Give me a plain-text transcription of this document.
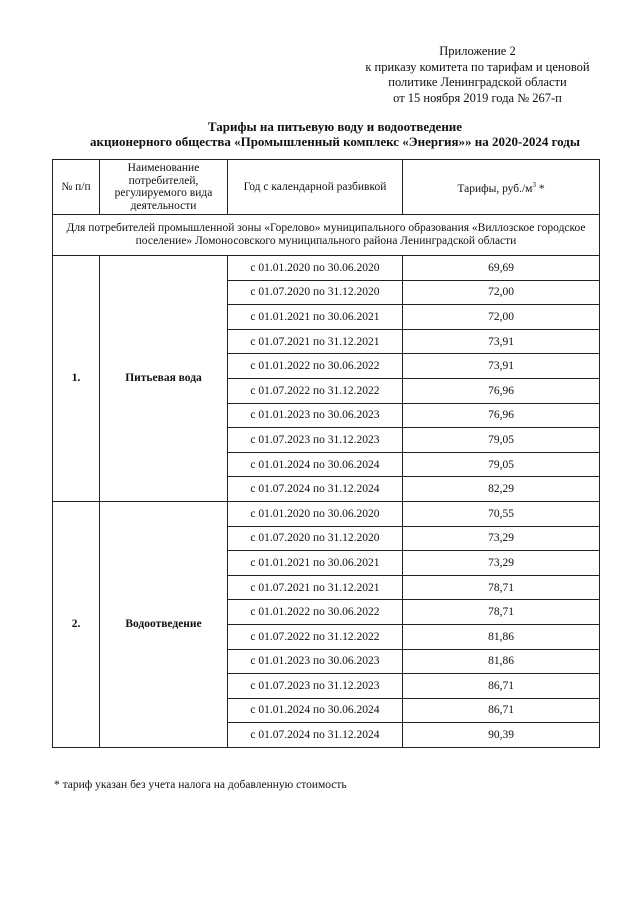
Приложение 2
к приказу комитета по тарифам и ценовой
политике Ленинградской области
от 15 ноября 2019 года № 267-п
Тарифы на питьевую воду и водоотведение
акционерного общества «Промышленный комплекс «Энергия»» на 2020-2024 годы
№ п/п	Наименование потребителей, регулируемого вида деятельности	Год с календарной разбивкой	Тарифы, $руб./м^3$ *
Для потребителей промышленной зоны «Горелово» муниципального образования «Виллозское городское поселение» Ломоносовского муниципального района Ленинградской области			
1.	Питьевая вода	с 01.01.2020 по 30.06.2020	69,69
		с 01.07.2020 по 31.12.2020	72,00
		с 01.01.2021 по 30.06.2021	72,00
		с 01.07.2021 по 31.12.2021	73,91
		с 01.01.2022 по 30.06.2022	73,91
		с 01.07.2022 по 31.12.2022	76,96
		с 01.01.2023 по 30.06.2023	76,96
		с 01.07.2023 по 31.12.2023	79,05
		с 01.01.2024 по 30.06.2024	79,05
		с 01.07.2024 по 31.12.2024	82,29
2.	Водоотведение	с 01.01.2020 по 30.06.2020	70,55
		с 01.07.2020 по 31.12.2020	73,29
		с 01.01.2021 по 30.06.2021	73,29
		с 01.07.2021 по 31.12.2021	78,71
		с 01.01.2022 по 30.06.2022	78,71
		с 01.07.2022 по 31.12.2022	81,86
		с 01.01.2023 по 30.06.2023	81,86
		с 01.07.2023 по 31.12.2023	86,71
		с 01.01.2024 по 30.06.2024	86,71
		с 01.07.2024 по 31.12.2024	90,39
* тариф указан без учета налога на добавленную стоимость
